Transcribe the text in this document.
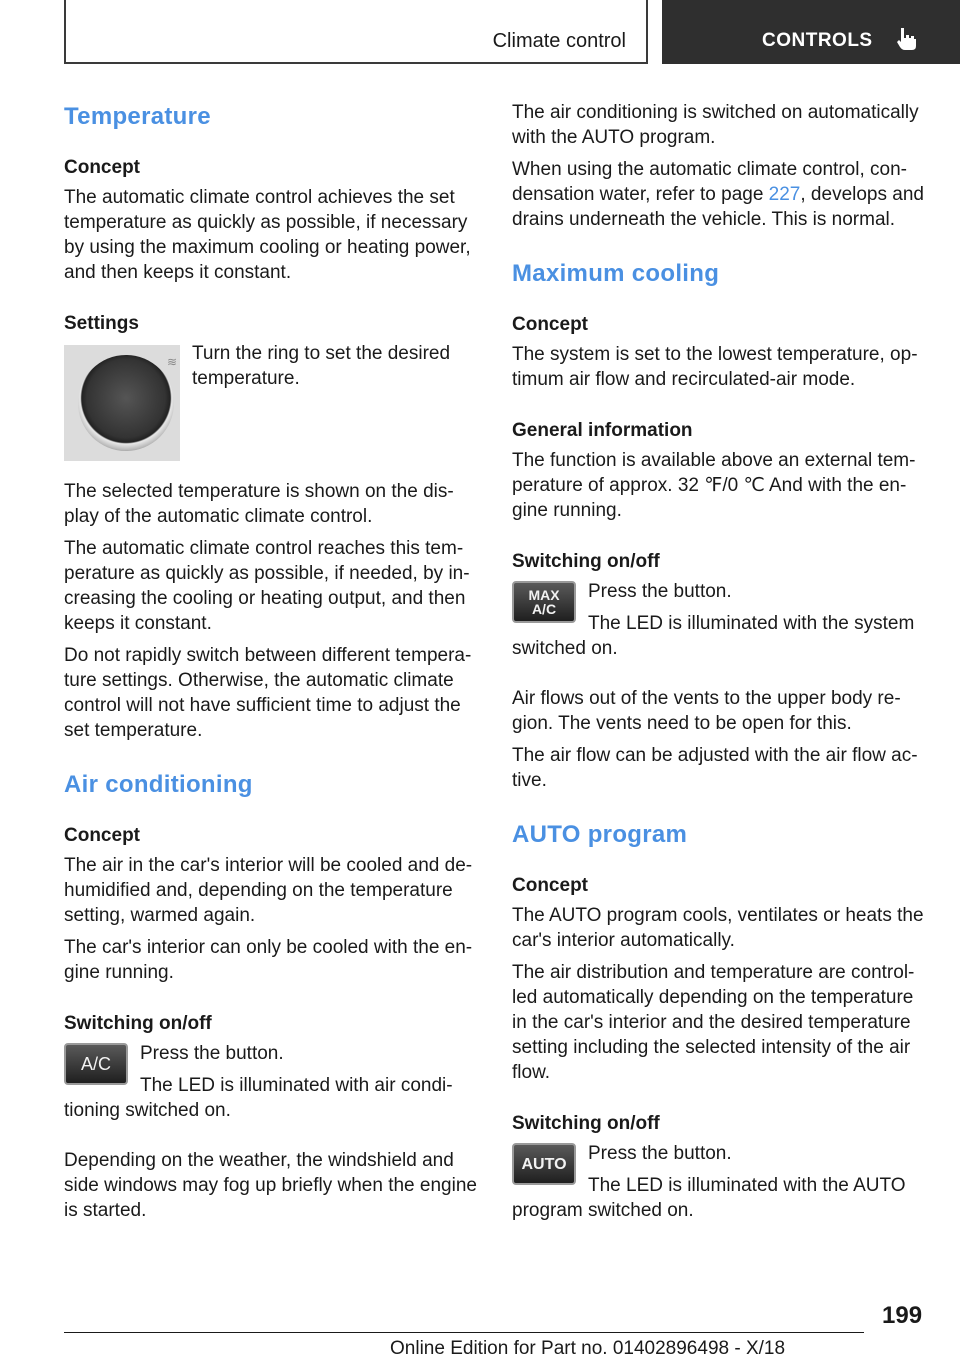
Climate control	CONTROLS
Temperature
Concept

The automatic climate control achieves the set temperature as quickly as possible, if necessary by using the maximum cooling or heating power, and then keeps it constant.

Settings
≋ Turn the ring to set the desired temperature.

The selected temperature is shown on the display of the automatic climate control.

The automatic climate control reaches this temperature as quickly as possible, if needed, by increasing the cooling or heating output, and then keeps it constant.

Do not rapidly switch between different temperature settings. Otherwise, the automatic climate control will not have sufficient time to adjust the set temperature.

Air conditioning
Concept

The air in the car's interior will be cooled and dehumidified and, depending on the temperature setting, warmed again.

The car's interior can only be cooled with the engine running.

Switching on/off
A/C	Press the button.

The LED is illuminated with air condi-

tioning switched on.

Depending on the weather, the windshield and side windows may fog up briefly when the engine is started.

The air conditioning is switched on automatically with the AUTO program.

When using the automatic climate control, condensation water, refer to page 227, develops and drains underneath the vehicle. This is normal.

Maximum cooling
Concept

The system is set to the lowest temperature, optimum air flow and recirculated-air mode.

General information

The function is available above an external temperature of approx. 32 ℉/0 ℃ And with the engine running.

Switching on/off
MAX
A/C

Press the button.

The LED is illuminated with the system

switched on.

Air flows out of the vents to the upper body region. The vents need to be open for this.

The air flow can be adjusted with the air flow active.

AUTO program
Concept

The AUTO program cools, ventilates or heats the car's interior automatically.

The air distribution and temperature are controlled automatically depending on the temperature in the car's interior and the desired temperature setting including the selected intensity of the air flow.

Switching on/off
AUTO	Press the button.

The LED is illuminated with the AUTO

program switched on.

199
Online Edition for Part no. 01402896498 - X/18
